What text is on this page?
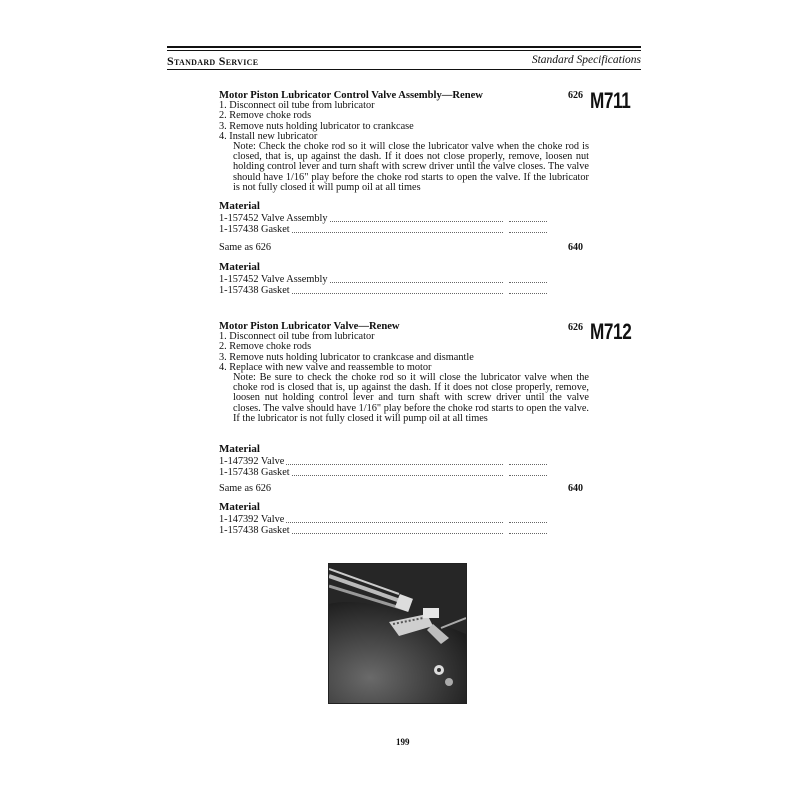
Standard Service	Standard Specifications
626 M711
Motor Piston Lubricator Control Valve Assembly—Renew
1. Disconnect oil tube from lubricator
2. Remove choke rods
3. Remove nuts holding lubricator to crankcase
4. Install new lubricator
Note: Check the choke rod so it will close the lubricator valve when the choke rod is closed, that is, up against the dash. If it does not close properly, remove, loosen nut holding control lever and turn shaft with screw driver until the valve closes. The valve should have 1/16" play before the choke rod starts to open the valve. If the lubricator is not fully closed it will pump oil at all times
Material
1-157452 Valve Assembly
1-157438 Gasket
Same as 626	640
Material
1-157452 Valve Assembly
1-157438 Gasket
626 M712
Motor Piston Lubricator Valve—Renew
1. Disconnect oil tube from lubricator
2. Remove choke rods
3. Remove nuts holding lubricator to crankcase and dismantle
4. Replace with new valve and reassemble to motor
Note: Be sure to check the choke rod so it will close the lubricator valve when the choke rod is closed that is, up against the dash. If it does not close properly, remove, loosen nut holding control lever and turn shaft with screw driver until the valve closes. The valve should have 1/16" play before the choke rod starts to open the valve. If the lubricator is not fully closed it will pump oil at all times
Material
1-147392 Valve
1-157438 Gasket
Same as 626	640
Material
1-147392 Valve
1-157438 Gasket
199
